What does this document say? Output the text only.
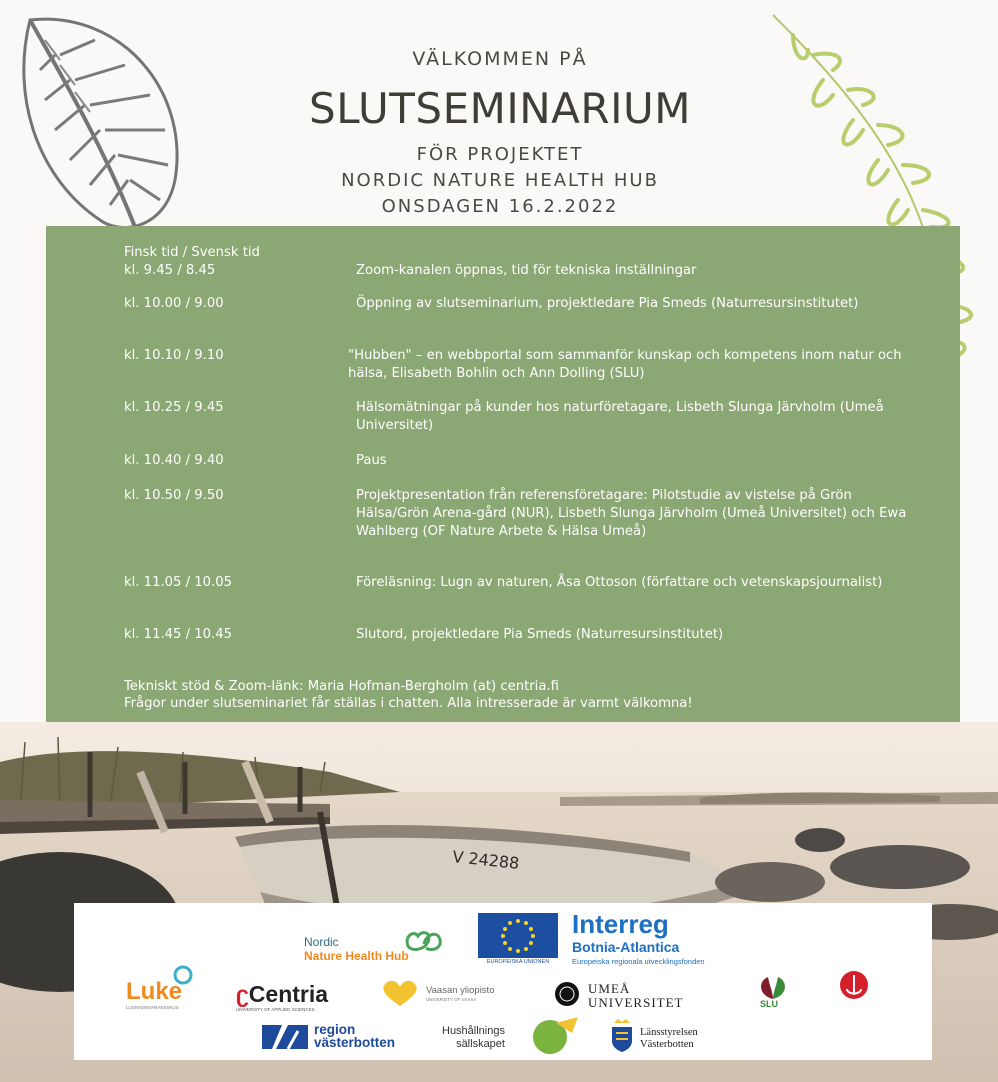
VÄLKOMMEN PÅ
SLUTSEMINARIUM
FÖR PROJEKTET
NORDIC NATURE HEALTH HUB
ONSDAGEN 16.2.2022
Finsk tid / Svensk tid
kl. 9.45 / 8.45	Zoom-kanalen öppnas, tid för tekniska inställningar
kl. 10.00 / 9.00	Öppning av slutseminarium, projektledare Pia Smeds (Naturresursinstitutet)
kl. 10.10 / 9.10	"Hubben" – en webbportal som sammanför kunskap och kompetens inom natur och hälsa, Elisabeth Bohlin och Ann Dolling (SLU)
kl. 10.25 / 9.45	Hälsomätningar på kunder hos naturföretagare, Lisbeth Slunga Järvholm (Umeå Universitet)
kl. 10.40 / 9.40	Paus
kl. 10.50 / 9.50	Projektpresentation från referensföretagare: Pilotstudie av vistelse på Grön Hälsa/Grön Arena-gård (NUR), Lisbeth Slunga Järvholm (Umeå Universitet) och Ewa Wahlberg (OF Nature Arbete & Hälsa Umeå)
kl. 11.05 / 10.05	Föreläsning: Lugn av naturen, Åsa Ottoson (författare och vetenskapsjournalist)
kl. 11.45 / 10.45	Slutord, projektledare Pia Smeds (Naturresursinstitutet)
Tekniskt stöd & Zoom-länk: Maria Hofman-Bergholm (at) centria.fi
Frågor under slutseminariet får ställas i chatten. Alla intresserade är varmt välkomna!
V 24288
Nordic
Nature Health Hub	EUROPEISKA UNIONEN
Interreg
Botnia-Atlantica
Europeiska regionala utvecklingsfonden
Luke
LUONNONVARAKESKUS
ʗCentria
UNIVERSITY OF APPLIED SCIENCES
Vaasan yliopisto
UNIVERSITY OF VAASA
UMEÅ
UNIVERSITET	SLU
region
västerbotten
Hushållnings
sällskapet
Länsstyrelsen
Västerbotten
